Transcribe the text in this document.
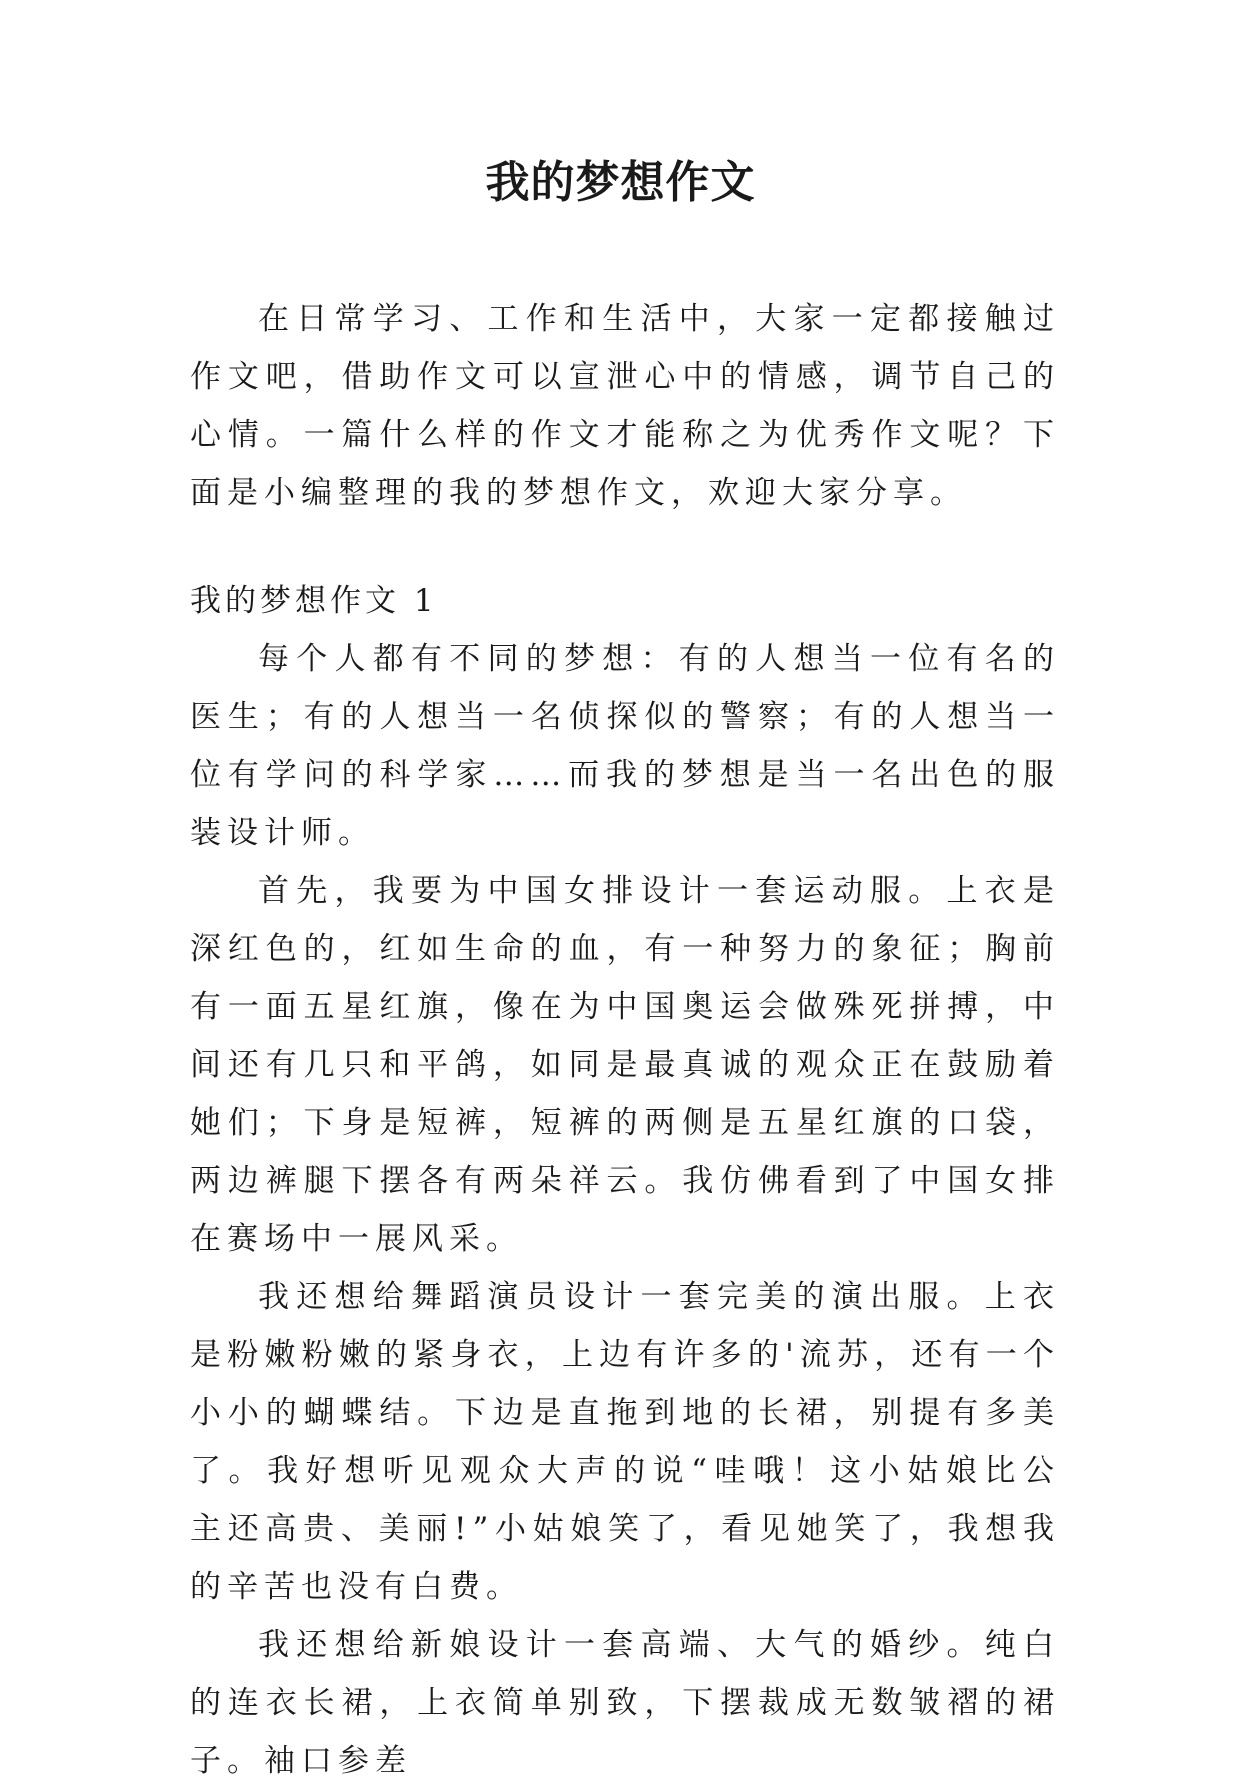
我的梦想作文

在日常学习、工作和生活中，大家一定都接触过作文吧，借助作文可以宣泄心中的情感，调节自己的心情。一篇什么样的作文才能称之为优秀作文呢？下面是小编整理的我的梦想作文，欢迎大家分享。

我的梦想作文 1

每个人都有不同的梦想：有的人想当一位有名的医生；有的人想当一名侦探似的警察；有的人想当一位有学问的科学家……而我的梦想是当一名出色的服装设计师。

首先，我要为中国女排设计一套运动服。上衣是深红色的，红如生命的血，有一种努力的象征；胸前有一面五星红旗，像在为中国奥运会做殊死拼搏，中间还有几只和平鸽，如同是最真诚的观众正在鼓励着她们；下身是短裤，短裤的两侧是五星红旗的口袋，两边裤腿下摆各有两朵祥云。我仿佛看到了中国女排在赛场中一展风采。

我还想给舞蹈演员设计一套完美的演出服。上衣是粉嫩粉嫩的紧身衣，上边有许多的'流苏，还有一个小小的蝴蝶结。下边是直拖到地的长裙，别提有多美了。我好想听见观众大声的说“哇哦！这小姑娘比公主还高贵、美丽!”小姑娘笑了，看见她笑了，我想我的辛苦也没有白费。

我还想给新娘设计一套高端、大气的婚纱。纯白的连衣长裙，上衣简单别致，下摆裁成无数皱褶的裙子。袖口参差
